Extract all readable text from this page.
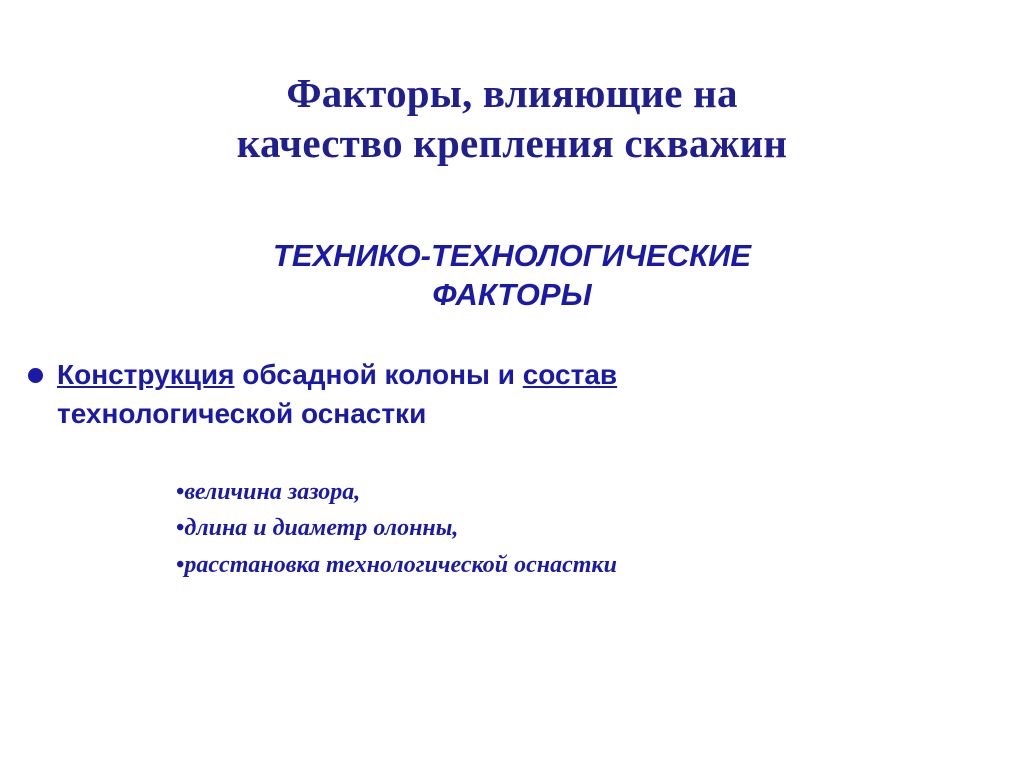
Факторы, влияющие на
качество крепления скважин
ТЕХНИКО-ТЕХНОЛОГИЧЕСКИЕ
ФАКТОРЫ
Конструкция обсадной колоны и состав технологической оснастки
•величина зазора,
•длина и диаметр олонны,
•расстановка технологической оснастки
